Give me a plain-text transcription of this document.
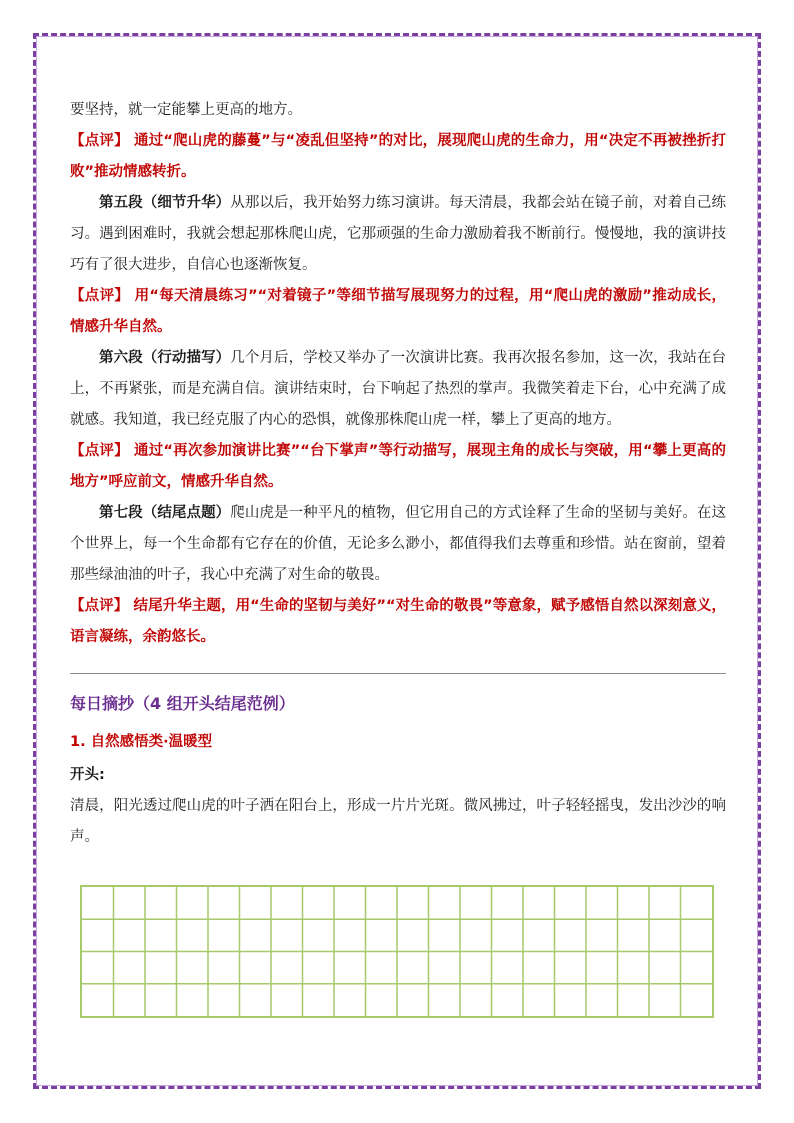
要坚持，就一定能攀上更高的地方。

【点评】 通过“爬山虎的藤蔓”与“凌乱但坚持”的对比，展现爬山虎的生命力，用“决定不再被挫折打败”推动情感转折。

第五段（细节升华）从那以后，我开始努力练习演讲。每天清晨，我都会站在镜子前，对着自己练习。遇到困难时，我就会想起那株爬山虎，它那顽强的生命力激励着我不断前行。慢慢地，我的演讲技巧有了很大进步，自信心也逐渐恢复。

【点评】 用“每天清晨练习”“对着镜子”等细节描写展现努力的过程，用“爬山虎的激励”推动成长，情感升华自然。

第六段（行动描写）几个月后，学校又举办了一次演讲比赛。我再次报名参加，这一次，我站在台上，不再紧张，而是充满自信。演讲结束时，台下响起了热烈的掌声。我微笑着走下台，心中充满了成就感。我知道，我已经克服了内心的恐惧，就像那株爬山虎一样，攀上了更高的地方。

【点评】 通过“再次参加演讲比赛”“台下掌声”等行动描写，展现主角的成长与突破，用“攀上更高的地方”呼应前文，情感升华自然。

第七段（结尾点题）爬山虎是一种平凡的植物，但它用自己的方式诠释了生命的坚韧与美好。在这个世界上，每一个生命都有它存在的价值，无论多么渺小，都值得我们去尊重和珍惜。站在窗前，望着那些绿油油的叶子，我心中充满了对生命的敬畏。

【点评】 结尾升华主题，用“生命的坚韧与美好”“对生命的敬畏”等意象，赋予感悟自然以深刻意义，语言凝练，余韵悠长。

每日摘抄（4 组开头结尾范例）

1. 自然感悟类·温暖型

开头:

清晨，阳光透过爬山虎的叶子洒在阳台上，形成一片片光斑。微风拂过，叶子轻轻摇曳，发出沙沙的响声。
